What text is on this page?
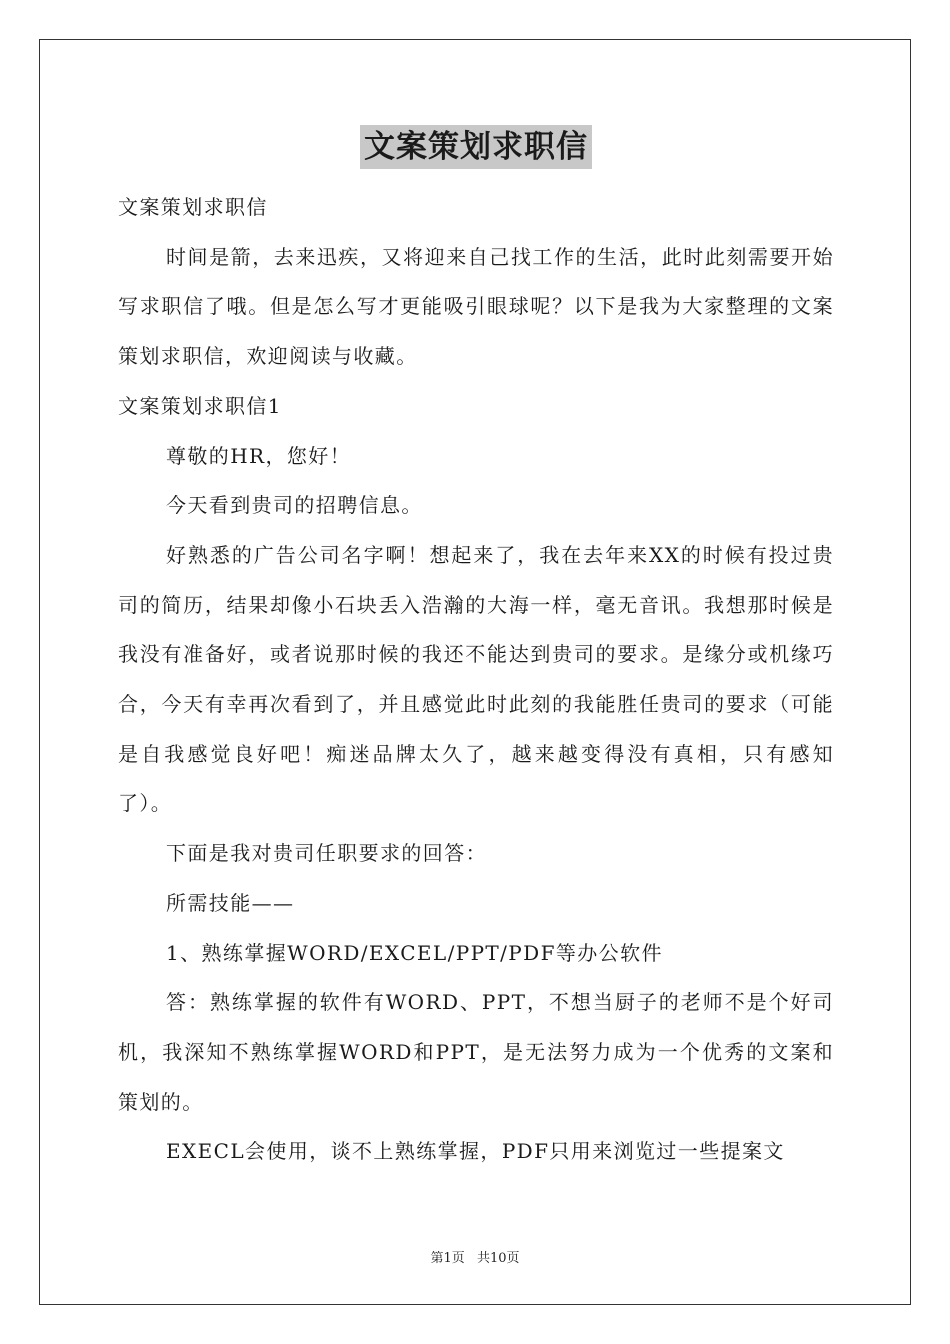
文案策划求职信

文案策划求职信

时间是箭，去来迅疾，又将迎来自己找工作的生活，此时此刻需要开始写求职信了哦。但是怎么写才更能吸引眼球呢？以下是我为大家整理的文案策划求职信，欢迎阅读与收藏。

文案策划求职信1

尊敬的HR，您好！

今天看到贵司的招聘信息。

好熟悉的广告公司名字啊！想起来了，我在去年来XX的时候有投过贵司的简历，结果却像小石块丢入浩瀚的大海一样，毫无音讯。我想那时候是我没有准备好，或者说那时候的我还不能达到贵司的要求。是缘分或机缘巧合，今天有幸再次看到了，并且感觉此时此刻的我能胜任贵司的要求（可能是自我感觉良好吧！痴迷品牌太久了，越来越变得没有真相，只有感知了）。

下面是我对贵司任职要求的回答：

所需技能——

1、熟练掌握WORD/EXCEL/PPT/PDF等办公软件

答：熟练掌握的软件有WORD、PPT，不想当厨子的老师不是个好司机，我深知不熟练掌握WORD和PPT，是无法努力成为一个优秀的文案和策划的。

EXECL会使用，谈不上熟练掌握，PDF只用来浏览过一些提案文

第1页 共10页
